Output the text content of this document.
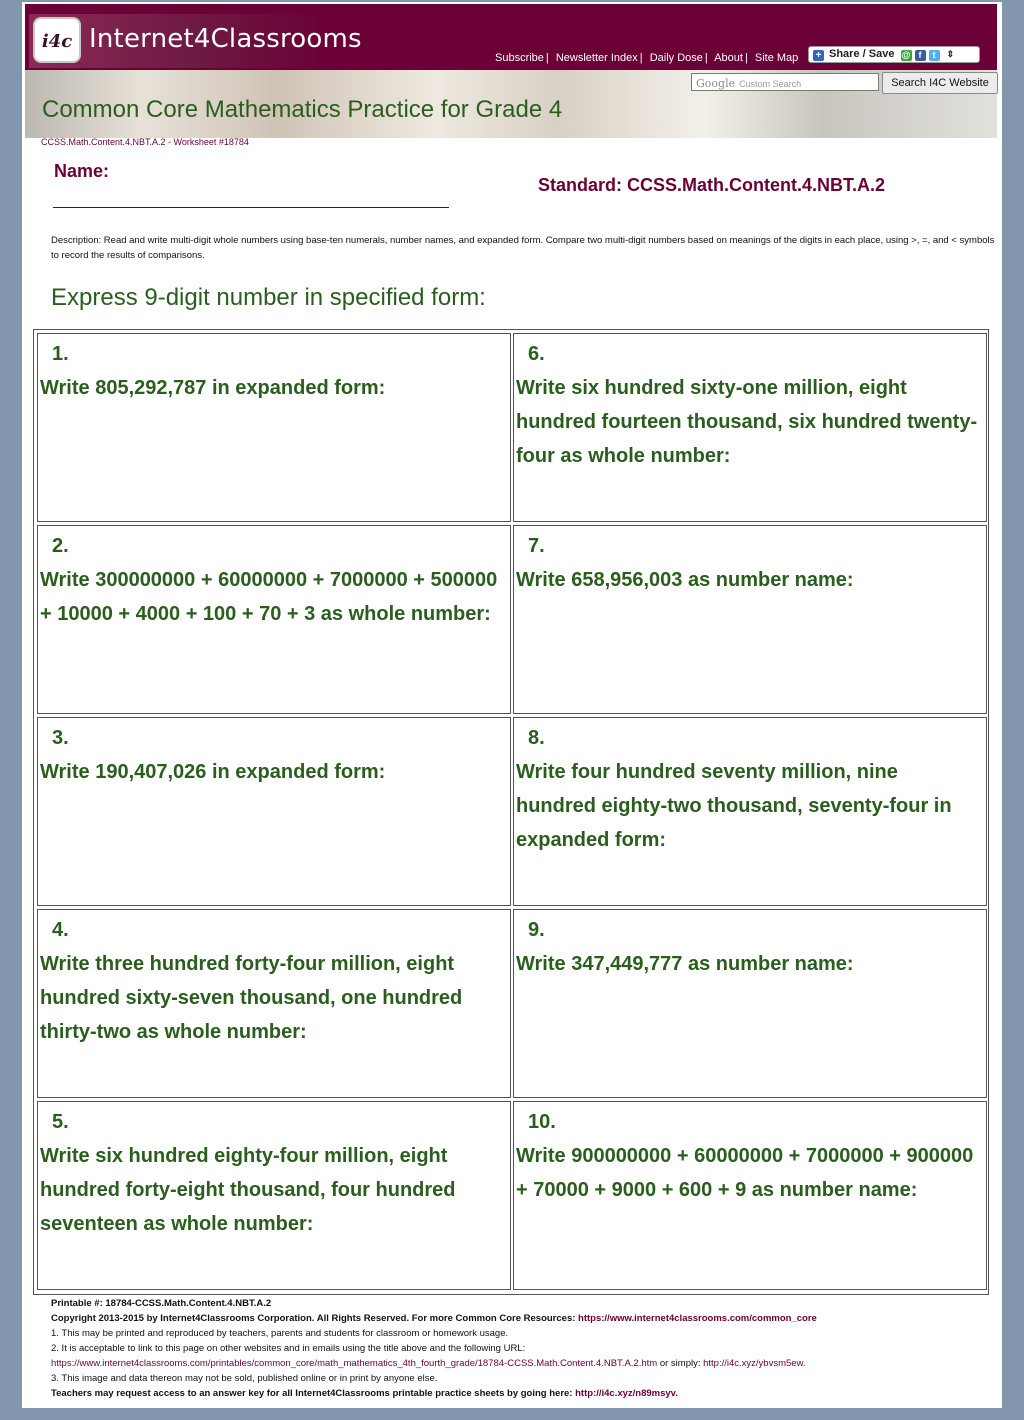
i4c Internet4Classrooms
Subscribe | Newsletter Index | Daily Dose | About | Site Map	+ Share / Save @ f t ⇕
Google Custom Search	Search I4C Website
Common Core Mathematics Practice for Grade 4
CCSS.Math.Content.4.NBT.A.2 - Worksheet #18784
Name:
Standard: CCSS.Math.Content.4.NBT.A.2
Description: Read and write multi-digit whole numbers using base-ten numerals, number names, and expanded form. Compare two multi-digit numbers based on meanings of the digits in each place, using >, =, and < symbols to record the results of comparisons.
Express 9-digit number in specified form:
1.
Write 805,292,787 in expanded form:
6.
Write six hundred sixty-one million, eight hundred fourteen thousand, six hundred twenty-four as whole number:
2.
Write 300000000 + 60000000 + 7000000 + 500000 + 10000 + 4000 + 100 + 70 + 3 as whole number:
7.
Write 658,956,003 as number name:
3.
Write 190,407,026 in expanded form:
8.
Write four hundred seventy million, nine hundred eighty-two thousand, seventy-four in expanded form:
4.
Write three hundred forty-four million, eight hundred sixty-seven thousand, one hundred thirty-two as whole number:
9.
Write 347,449,777 as number name:
5.
Write six hundred eighty-four million, eight hundred forty-eight thousand, four hundred seventeen as whole number:
10.
Write 900000000 + 60000000 + 7000000 + 900000 + 70000 + 9000 + 600 + 9 as number name:
Printable #: 18784-CCSS.Math.Content.4.NBT.A.2
Copyright 2013-2015 by Internet4Classrooms Corporation. All Rights Reserved. For more Common Core Resources: https://www.internet4classrooms.com/common_core
1. This may be printed and reproduced by teachers, parents and students for classroom or homework usage.
2. It is acceptable to link to this page on other websites and in emails using the title above and the following URL:
https://www.internet4classrooms.com/printables/common_core/math_mathematics_4th_fourth_grade/18784-CCSS.Math.Content.4.NBT.A.2.htm or simply: http://i4c.xyz/ybvsm5ew.
3. This image and data thereon may not be sold, published online or in print by anyone else.
Teachers may request access to an answer key for all Internet4Classrooms printable practice sheets by going here: http://i4c.xyz/n89msyv.
